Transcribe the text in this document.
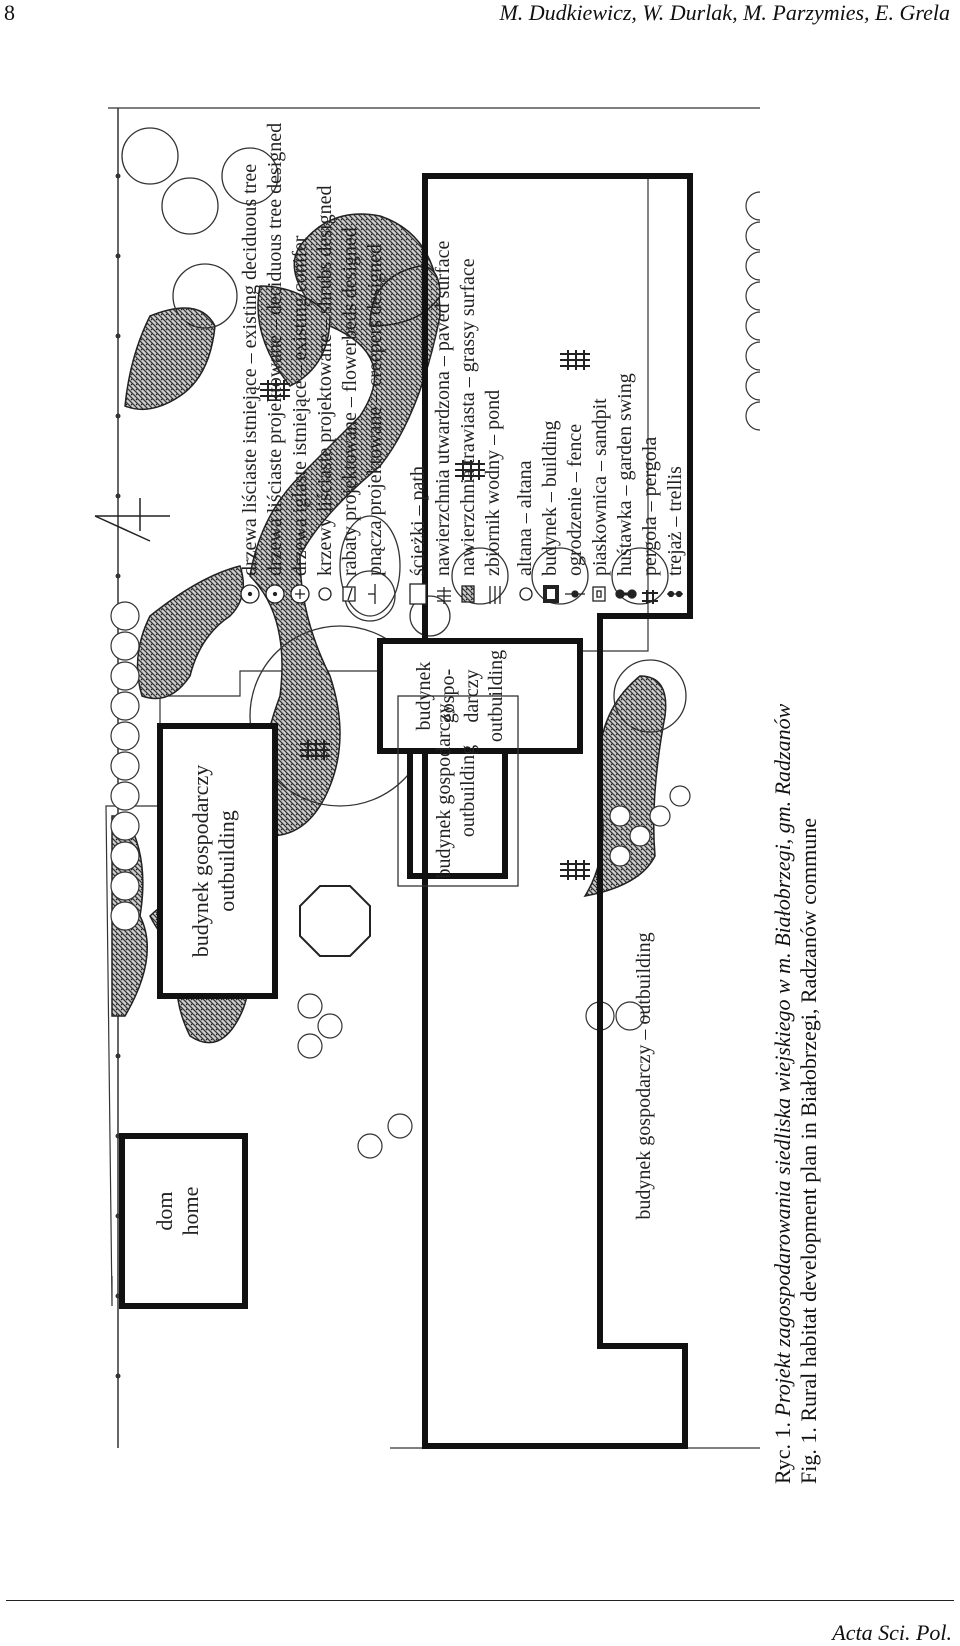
8	M. Dudkiewicz, W. Durlak, M. Parzymies, E. Grela
dom home
budynek gospodarczy outbuilding	budynek gospodarczy outbuilding
budynek gospodarczy – outbuilding
budynek gospo- darczy outbuilding
drzewa liściaste istniejące – existing deciduous tree drzewa liściaste projektowane – deciduous tree designed drzewa iglaste istniejące – existing conifer krzewy liściaste projektowane – shrubs designed rabaty projektowane – flowerbeds designed pnącza projektowane – creepers designed ścieżki – path nawierzchnia utwardzona – paved surface nawierzchnia trawiasta – grassy surface zbiornik wodny – pond altana – altana budynek – building ogrodzenie – fence piaskownica – sandpit huśtawka – garden swing pergola – pergola trejaż – trellis
Ryc. 1. Projekt zagospodarowania siedliska wiejskiego w m. Białobrzegi, gm. Radzanów
Fig. 1. Rural habitat development plan in Białobrzegi, Radzanów commune
Acta Sci. Pol.
